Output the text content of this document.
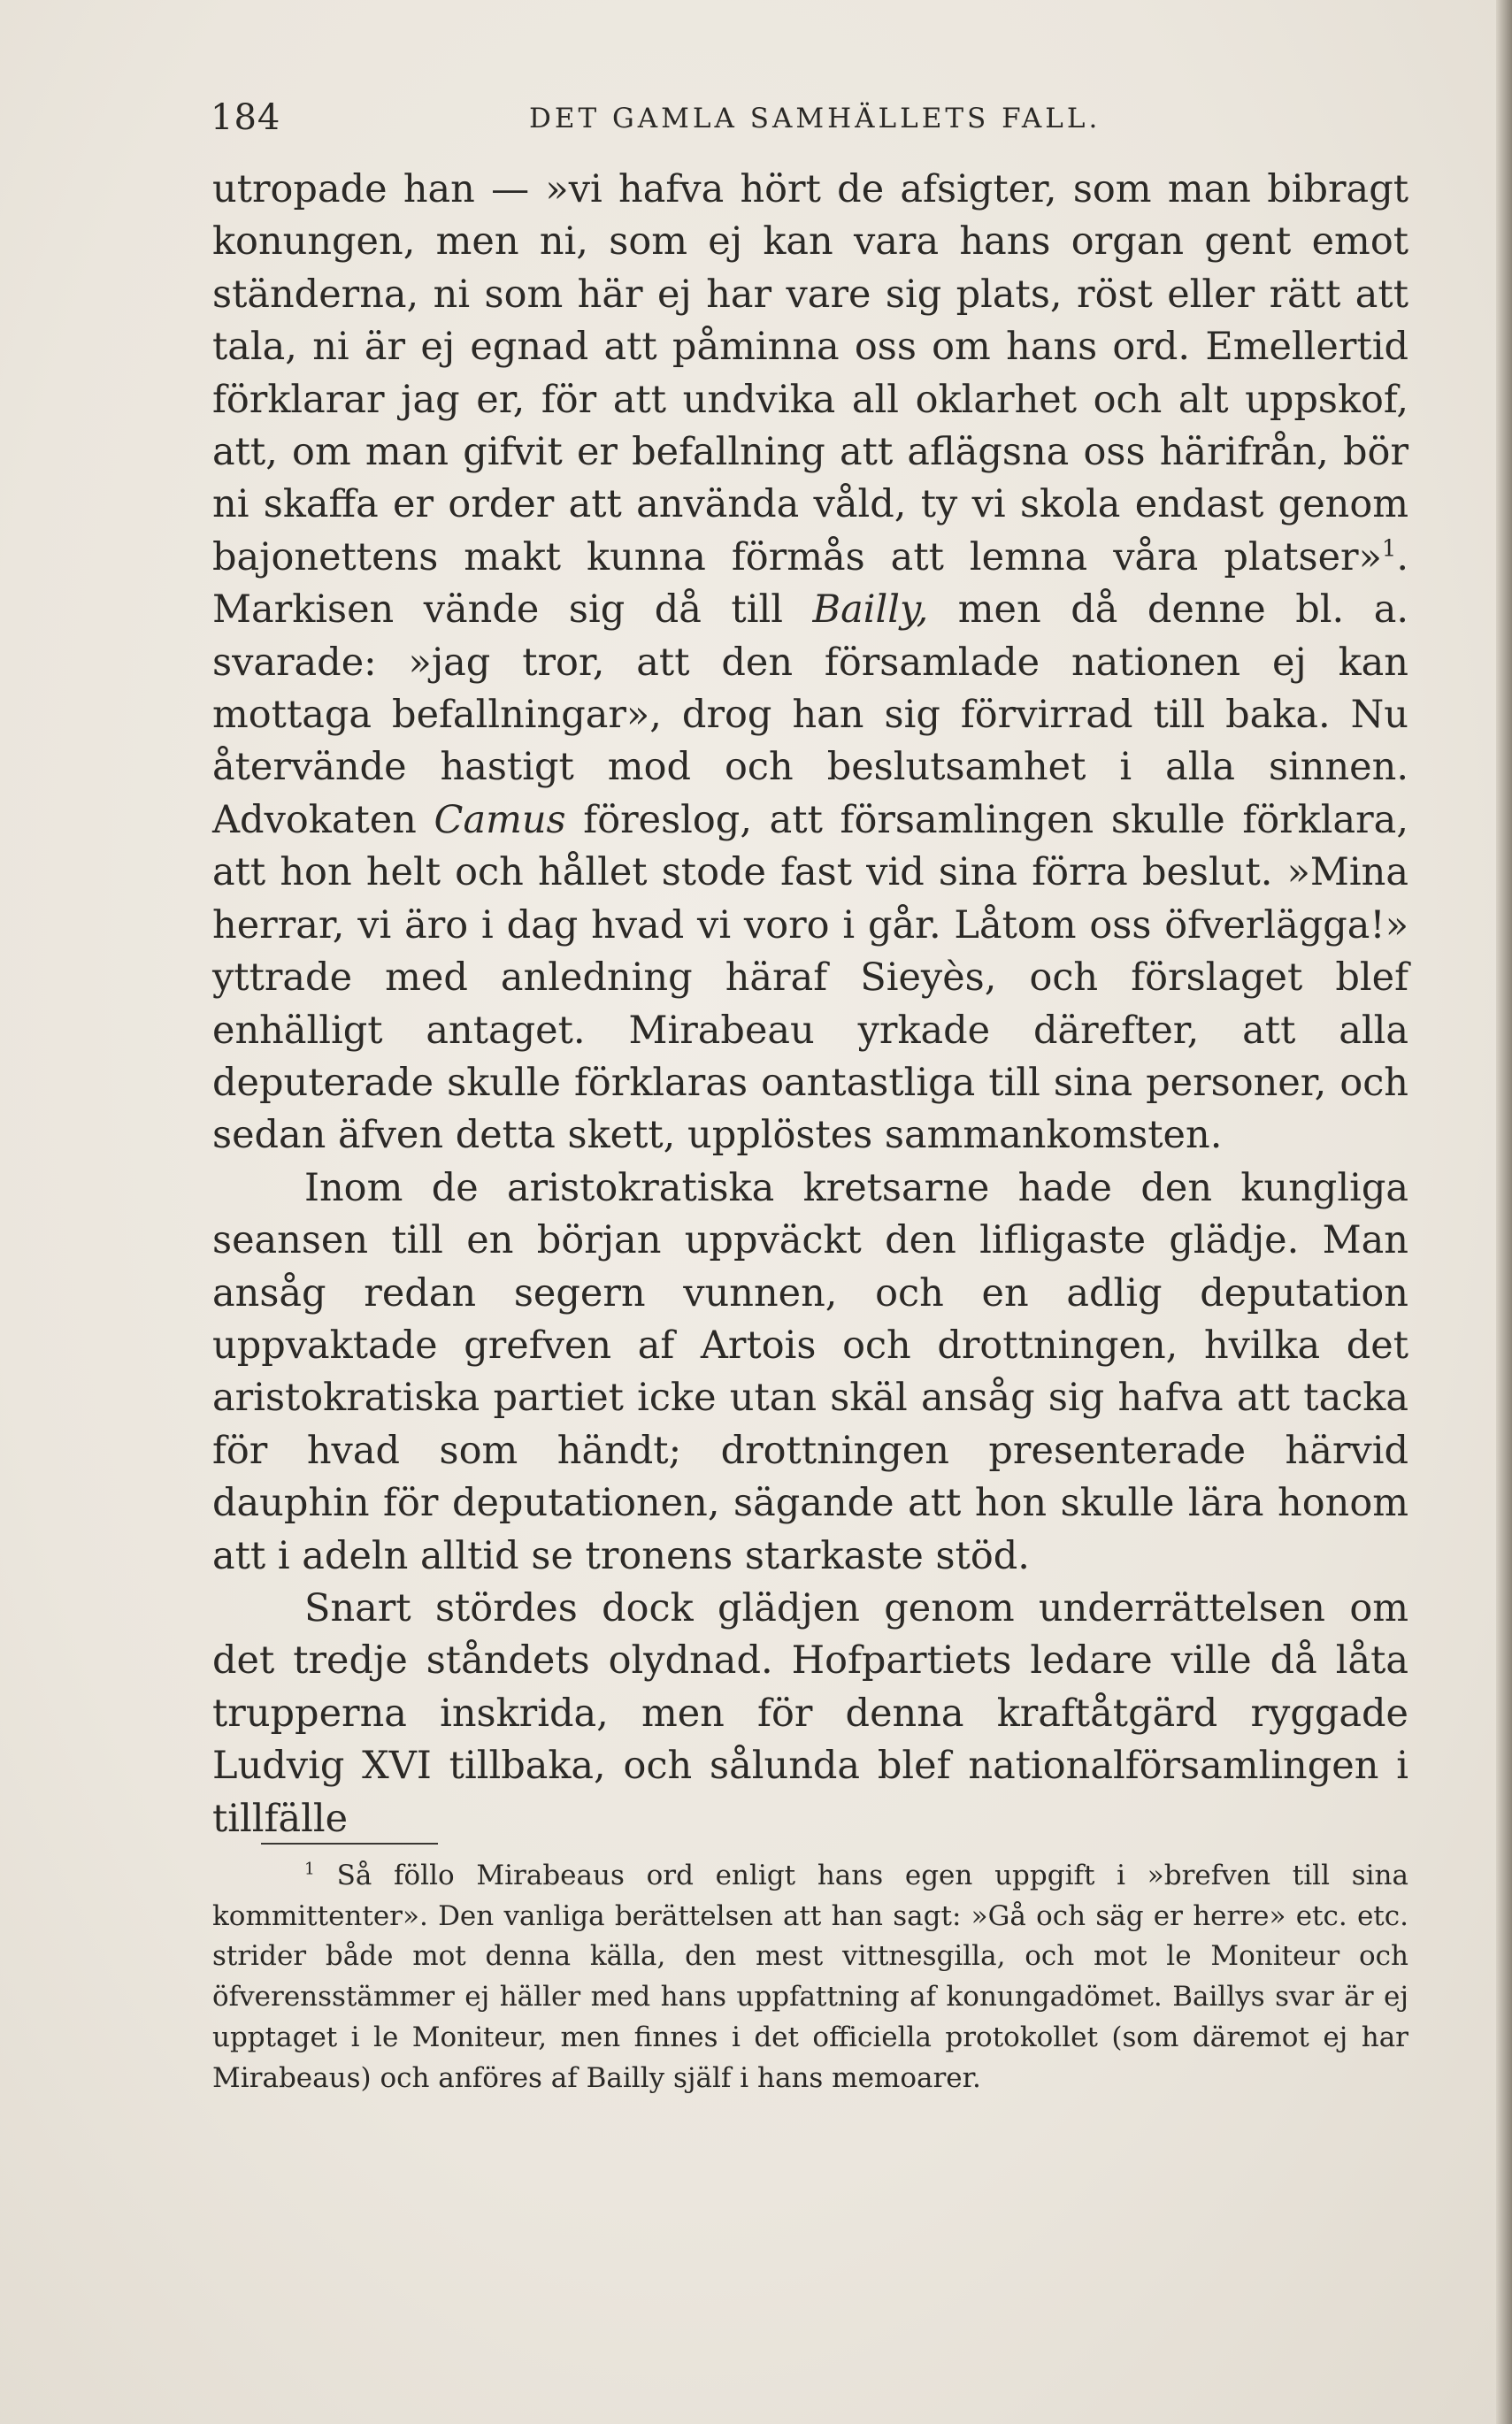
184	DET GAMLA SAMHÄLLETS FALL.

utropade han — »vi hafva hört de afsigter, som man bibragt konungen, men ni, som ej kan vara hans organ gent emot ständerna, ni som här ej har vare sig plats, röst eller rätt att tala, ni är ej egnad att påminna oss om hans ord. Emellertid förklarar jag er, för att undvika all oklarhet och alt uppskof, att, om man gifvit er befallning att aflägsna oss härifrån, bör ni skaffa er order att använda våld, ty vi skola endast genom bajonettens makt kunna förmås att lemna våra platser»$^1$. Markisen vände sig då till Bailly, men då denne bl. a. svarade: »jag tror, att den församlade nationen ej kan mottaga befallningar», drog han sig förvirrad till baka. Nu återvände hastigt mod och beslutsamhet i alla sinnen. Advokaten Camus föreslog, att församlingen skulle förklara, att hon helt och hållet stode fast vid sina förra beslut. »Mina herrar, vi äro i dag hvad vi voro i går. Låtom oss öfverlägga!» yttrade med anledning häraf Sieyès, och förslaget blef enhälligt antaget. Mirabeau yrkade därefter, att alla deputerade skulle förklaras oantastliga till sina personer, och sedan äfven detta skett, upplöstes sammankomsten.

Inom de aristokratiska kretsarne hade den kungliga seansen till en början uppväckt den lifligaste glädje. Man ansåg redan segern vunnen, och en adlig deputation uppvaktade grefven af Artois och drottningen, hvilka det aristokratiska partiet icke utan skäl ansåg sig hafva att tacka för hvad som händt; drottningen presenterade härvid dauphin för deputationen, sägande att hon skulle lära honom att i adeln alltid se tronens starkaste stöd.

Snart stördes dock glädjen genom underrättelsen om det tredje ståndets olydnad. Hofpartiets ledare ville då låta trupperna inskrida, men för denna kraftåtgärd ryggade Ludvig XVI tillbaka, och sålunda blef nationalförsamlingen i tillfälle

$^1$ Så föllo Mirabeaus ord enligt hans egen uppgift i »brefven till sina kommittenter». Den vanliga berättelsen att han sagt: »Gå och säg er herre» etc. etc. strider både mot denna källa, den mest vittnesgilla, och mot le Moniteur och öfverensstämmer ej häller med hans uppfattning af konungadömet. Baillys svar är ej upptaget i le Moniteur, men finnes i det officiella protokollet (som däremot ej har Mirabeaus) och anföres af Bailly själf i hans memoarer.
